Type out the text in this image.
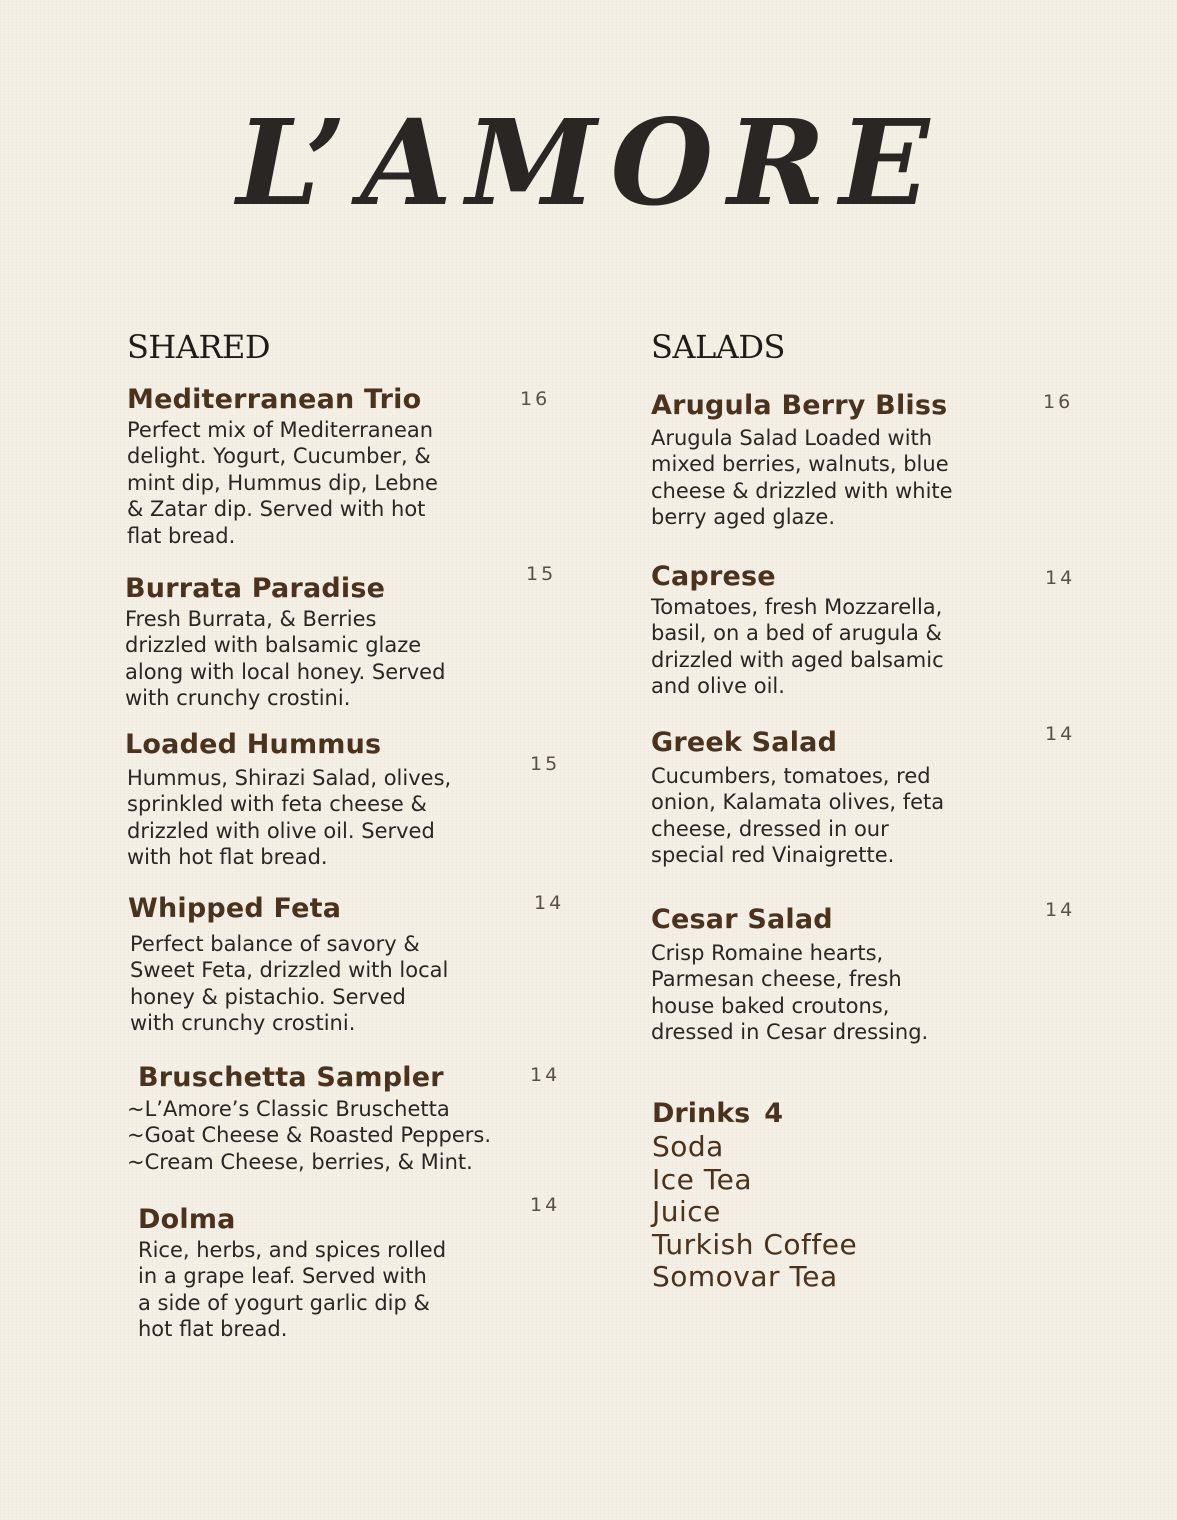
L’AMORE
SHARED
Mediterranean Trio

Perfect mix of Mediterranean
delight. Yogurt, Cucumber, &
mint dip, Hummus dip, Lebne
& Zatar dip. Served with hot
flat bread.

16
Burrata Paradise

Fresh Burrata, & Berries
drizzled with balsamic glaze
along with local honey. Served
with crunchy crostini.

15
Loaded Hummus

Hummus, Shirazi Salad, olives,
sprinkled with feta cheese &
drizzled with olive oil. Served
with hot flat bread.

15
Whipped Feta

Perfect balance of savory &
Sweet Feta, drizzled with local
honey & pistachio. Served
with crunchy crostini.

14
Bruschetta Sampler

~L’Amore’s Classic Bruschetta
~Goat Cheese & Roasted Peppers.
~Cream Cheese, berries, & Mint.

14
Dolma

Rice, herbs, and spices rolled
in a grape leaf. Served with
a side of yogurt garlic dip &
hot flat bread.

14
SALADS
Arugula Berry Bliss

Arugula Salad Loaded with
mixed berries, walnuts, blue
cheese & drizzled with white
berry aged glaze.

16
Caprese

Tomatoes, fresh Mozzarella,
basil, on a bed of arugula &
drizzled with aged balsamic
and olive oil.

14
Greek Salad

Cucumbers, tomatoes, red
onion, Kalamata olives, feta
cheese, dressed in our
special red Vinaigrette.

14
Cesar Salad

Crisp Romaine hearts,
Parmesan cheese, fresh
house baked croutons,
dressed in Cesar dressing.

14
Drinks 4
Soda
Ice Tea
Juice
Turkish Coffee
Somovar Tea
